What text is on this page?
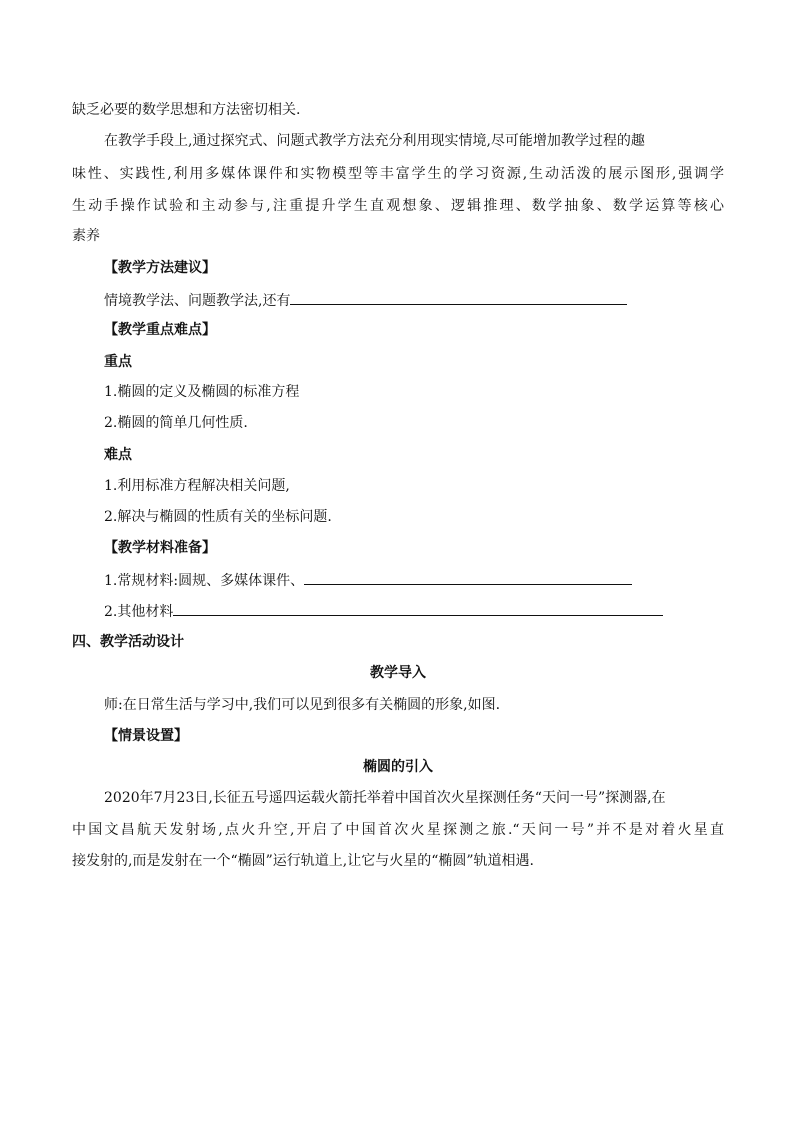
缺乏必要的数学思想和方法密切相关.
在教学手段上,通过探究式、问题式教学方法充分利用现实情境,尽可能增加教学过程的趣
味性、实践性,利用多媒体课件和实物模型等丰富学生的学习资源,生动活泼的展示图形,强调学
生动手操作试验和主动参与,注重提升学生直观想象、逻辑推理、数学抽象、数学运算等核心
素养
【教学方法建议】
情境教学法、问题教学法,还有
【教学重点难点】
重点
1.椭圆的定义及椭圆的标准方程
2.椭圆的简单几何性质.
难点
1.利用标准方程解决相关问题,
2.解决与椭圆的性质有关的坐标问题.
【教学材料准备】
1.常规材料:圆规、多媒体课件、
2.其他材料
四、教学活动设计
教学导入
师:在日常生活与学习中,我们可以见到很多有关椭圆的形象,如图.
【情景设置】
椭圆的引入
2020年7月23日,长征五号遥四运载火箭托举着中国首次火星探测任务“天问一号”探测器,在
中国文昌航天发射场,点火升空,开启了中国首次火星探测之旅.“天问一号”并不是对着火星直
接发射的,而是发射在一个“椭圆”运行轨道上,让它与火星的“椭圆”轨道相遇.
